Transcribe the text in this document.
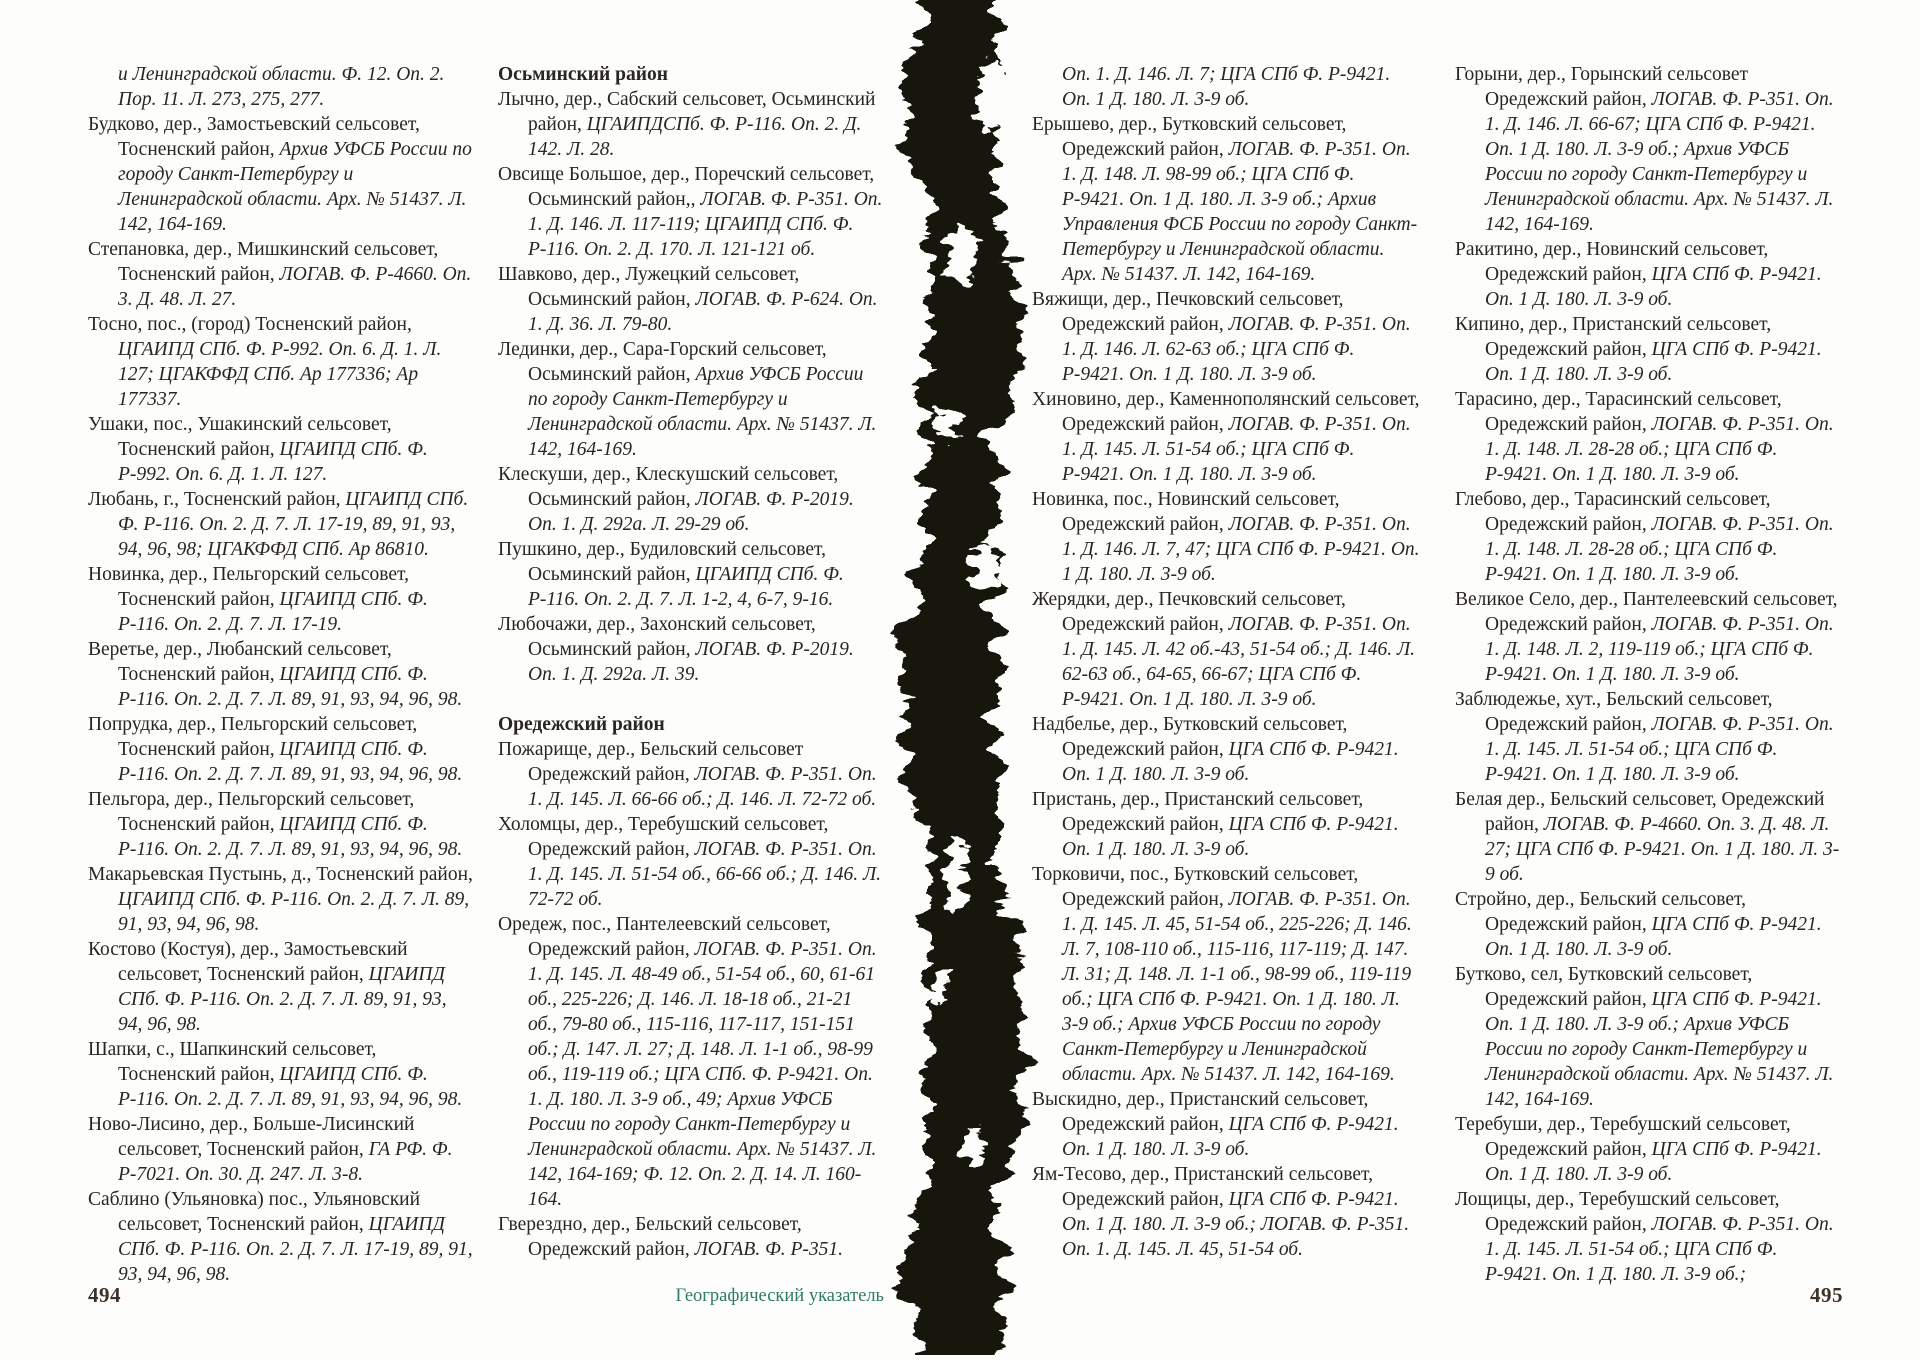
и Ленинградской области. Ф. 12. Оп. 2. Пор. 11. Л. 273, 275, 277.

Будково, дер., Замостьевский сельсовет, Тосненский район, Архив УФСБ России по городу Санкт-Петербургу и Ленинградской области. Арх. № 51437. Л. 142, 164-169.

Степановка, дер., Мишкинский сельсовет, Тосненский район, ЛОГАВ. Ф. Р-4660. Оп. 3. Д. 48. Л. 27.

Тосно, пос., (город) Тосненский район, ЦГАИПД СПб. Ф. Р-992. Оп. 6. Д. 1. Л. 127; ЦГАКФФД СПб. Ар 177336; Ар 177337.

Ушаки, пос., Ушакинский сельсовет, Тосненский район, ЦГАИПД СПб. Ф. Р-992. Оп. 6. Д. 1. Л. 127.

Любань, г., Тосненский район, ЦГАИПД СПб. Ф. Р-116. Оп. 2. Д. 7. Л. 17-19, 89, 91, 93, 94, 96, 98; ЦГАКФФД СПб. Ар 86810.

Новинка, дер., Пельгорский сельсовет, Тосненский район, ЦГАИПД СПб. Ф. Р-116. Оп. 2. Д. 7. Л. 17-19.

Веретье, дер., Любанский сельсовет, Тосненский район, ЦГАИПД СПб. Ф. Р-116. Оп. 2. Д. 7. Л. 89, 91, 93, 94, 96, 98.

Попрудка, дер., Пельгорский сельсовет, Тосненский район, ЦГАИПД СПб. Ф. Р-116. Оп. 2. Д. 7. Л. 89, 91, 93, 94, 96, 98.

Пельгора, дер., Пельгорский сельсовет, Тосненский район, ЦГАИПД СПб. Ф. Р-116. Оп. 2. Д. 7. Л. 89, 91, 93, 94, 96, 98.

Макарьевская Пустынь, д., Тосненский район, ЦГАИПД СПб. Ф. Р-116. Оп. 2. Д. 7. Л. 89, 91, 93, 94, 96, 98.

Костово (Костуя), дер., Замостьевский сельсовет, Тосненский район, ЦГАИПД СПб. Ф. Р-116. Оп. 2. Д. 7. Л. 89, 91, 93, 94, 96, 98.

Шапки, с., Шапкинский сельсовет, Тосненский район, ЦГАИПД СПб. Ф. Р-116. Оп. 2. Д. 7. Л. 89, 91, 93, 94, 96, 98.

Ново-Лисино, дер., Больше-Лисинский сельсовет, Тосненский район, ГА РФ. Ф. Р-7021. Оп. 30. Д. 247. Л. 3-8.

Саблино (Ульяновка) пос., Ульяновский сельсовет, Тосненский район, ЦГАИПД СПб. Ф. Р-116. Оп. 2. Д. 7. Л. 17-19, 89, 91, 93, 94, 96, 98.

Осьминский район

Лычно, дер., Сабский сельсовет, Осьминский район, ЦГАИПДСПб. Ф. Р-116. Оп. 2. Д. 142. Л. 28.

Овсище Большое, дер., Поречский сельсовет, Осьминский район,, ЛОГАВ. Ф. Р-351. Оп. 1. Д. 146. Л. 117-119; ЦГАИПД СПб. Ф. Р-116. Оп. 2. Д. 170. Л. 121-121 об.

Шавково, дер., Лужецкий сельсовет, Осьминский район, ЛОГАВ. Ф. Р-624. Оп. 1. Д. 36. Л. 79-80.

Лединки, дер., Сара-Горский сельсовет, Осьминский район, Архив УФСБ России по городу Санкт-Петербургу и Ленинградской области. Арх. № 51437. Л. 142, 164-169.

Клескуши, дер., Клескушский сельсовет, Осьминский район, ЛОГАВ. Ф. Р-2019. Оп. 1. Д. 292а. Л. 29-29 об.

Пушкино, дер., Будиловский сельсовет, Осьминский район, ЦГАИПД СПб. Ф. Р-116. Оп. 2. Д. 7. Л. 1-2, 4, 6-7, 9-16.

Любочажи, дер., Захонский сельсовет, Осьминский район, ЛОГАВ. Ф. Р-2019. Оп. 1. Д. 292а. Л. 39.

Оредежский район

Пожарище, дер., Бельский сельсовет Оредежский район, ЛОГАВ. Ф. Р-351. Оп. 1. Д. 145. Л. 66-66 об.; Д. 146. Л. 72-72 об.

Холомцы, дер., Теребушский сельсовет, Оредежский район, ЛОГАВ. Ф. Р-351. Оп. 1. Д. 145. Л. 51-54 об., 66-66 об.; Д. 146. Л. 72-72 об.

Оредеж, пос., Пантелеевский сельсовет, Оредежский район, ЛОГАВ. Ф. Р-351. Оп. 1. Д. 145. Л. 48-49 об., 51-54 об., 60, 61-61 об., 225-226; Д. 146. Л. 18-18 об., 21-21 об., 79-80 об., 115-116, 117-117, 151-151 об.; Д. 147. Л. 27; Д. 148. Л. 1-1 об., 98-99 об., 119-119 об.; ЦГА СПб. Ф. Р-9421. Оп. 1. Д. 180. Л. 3-9 об., 49; Архив УФСБ России по городу Санкт-Петербургу и Ленинградской области. Арх. № 51437. Л. 142, 164-169; Ф. 12. Оп. 2. Д. 14. Л. 160-164.

Гверездно, дер., Бельский сельсовет, Оредежский район, ЛОГАВ. Ф. Р-351.

Оп. 1. Д. 146. Л. 7; ЦГА СПб Ф. Р-9421. Оп. 1 Д. 180. Л. 3-9 об.

Ерышево, дер., Бутковский сельсовет, Оредежский район, ЛОГАВ. Ф. Р-351. Оп. 1. Д. 148. Л. 98-99 об.; ЦГА СПб Ф. Р-9421. Оп. 1 Д. 180. Л. 3-9 об.; Архив Управления ФСБ России по городу Санкт-Петербургу и Ленинградской области. Арх. № 51437. Л. 142, 164-169.

Вяжищи, дер., Печковский сельсовет, Оредежский район, ЛОГАВ. Ф. Р-351. Оп. 1. Д. 146. Л. 62-63 об.; ЦГА СПб Ф. Р-9421. Оп. 1 Д. 180. Л. 3-9 об.

Хиновино, дер., Каменнополянский сельсовет, Оредежский район, ЛОГАВ. Ф. Р-351. Оп. 1. Д. 145. Л. 51-54 об.; ЦГА СПб Ф. Р-9421. Оп. 1 Д. 180. Л. 3-9 об.

Новинка, пос., Новинский сельсовет, Оредежский район, ЛОГАВ. Ф. Р-351. Оп. 1. Д. 146. Л. 7, 47; ЦГА СПб Ф. Р-9421. Оп. 1 Д. 180. Л. 3-9 об.

Жерядки, дер., Печковский сельсовет, Оредежский район, ЛОГАВ. Ф. Р-351. Оп. 1. Д. 145. Л. 42 об.-43, 51-54 об.; Д. 146. Л. 62-63 об., 64-65, 66-67; ЦГА СПб Ф. Р-9421. Оп. 1 Д. 180. Л. 3-9 об.

Надбелье, дер., Бутковский сельсовет, Оредежский район, ЦГА СПб Ф. Р-9421. Оп. 1 Д. 180. Л. 3-9 об.

Пристань, дер., Пристанский сельсовет, Оредежский район, ЦГА СПб Ф. Р-9421. Оп. 1 Д. 180. Л. 3-9 об.

Торковичи, пос., Бутковский сельсовет, Оредежский район, ЛОГАВ. Ф. Р-351. Оп. 1. Д. 145. Л. 45, 51-54 об., 225-226; Д. 146. Л. 7, 108-110 об., 115-116, 117-119; Д. 147. Л. 31; Д. 148. Л. 1-1 об., 98-99 об., 119-119 об.; ЦГА СПб Ф. Р-9421. Оп. 1 Д. 180. Л. 3-9 об.; Архив УФСБ России по городу Санкт-Петербургу и Ленинградской области. Арх. № 51437. Л. 142, 164-169.

Выскидно, дер., Пристанский сельсовет, Оредежский район, ЦГА СПб Ф. Р-9421. Оп. 1 Д. 180. Л. 3-9 об.

Ям-Тесово, дер., Пристанский сельсовет, Оредежский район, ЦГА СПб Ф. Р-9421. Оп. 1 Д. 180. Л. 3-9 об.; ЛОГАВ. Ф. Р-351. Оп. 1. Д. 145. Л. 45, 51-54 об.

Горыни, дер., Горынский сельсовет Оредежский район, ЛОГАВ. Ф. Р-351. Оп. 1. Д. 146. Л. 66-67; ЦГА СПб Ф. Р-9421. Оп. 1 Д. 180. Л. 3-9 об.; Архив УФСБ России по городу Санкт-Петербургу и Ленинградской области. Арх. № 51437. Л. 142, 164-169.

Ракитино, дер., Новинский сельсовет, Оредежский район, ЦГА СПб Ф. Р-9421. Оп. 1 Д. 180. Л. 3-9 об.

Кипино, дер., Пристанский сельсовет, Оредежский район, ЦГА СПб Ф. Р-9421. Оп. 1 Д. 180. Л. 3-9 об.

Тарасино, дер., Тарасинский сельсовет, Оредежский район, ЛОГАВ. Ф. Р-351. Оп. 1. Д. 148. Л. 28-28 об.; ЦГА СПб Ф. Р-9421. Оп. 1 Д. 180. Л. 3-9 об.

Глебово, дер., Тарасинский сельсовет, Оредежский район, ЛОГАВ. Ф. Р-351. Оп. 1. Д. 148. Л. 28-28 об.; ЦГА СПб Ф. Р-9421. Оп. 1 Д. 180. Л. 3-9 об.

Великое Село, дер., Пантелеевский сельсовет, Оредежский район, ЛОГАВ. Ф. Р-351. Оп. 1. Д. 148. Л. 2, 119-119 об.; ЦГА СПб Ф. Р-9421. Оп. 1 Д. 180. Л. 3-9 об.

Заблюдежье, хут., Бельский сельсовет, Оредежский район, ЛОГАВ. Ф. Р-351. Оп. 1. Д. 145. Л. 51-54 об.; ЦГА СПб Ф. Р-9421. Оп. 1 Д. 180. Л. 3-9 об.

Белая дер., Бельский сельсовет, Оредежский район, ЛОГАВ. Ф. Р-4660. Оп. 3. Д. 48. Л. 27; ЦГА СПб Ф. Р-9421. Оп. 1 Д. 180. Л. 3-9 об.

Стройно, дер., Бельский сельсовет, Оредежский район, ЦГА СПб Ф. Р-9421. Оп. 1 Д. 180. Л. 3-9 об.

Бутково, сел, Бутковский сельсовет, Оредежский район, ЦГА СПб Ф. Р-9421. Оп. 1 Д. 180. Л. 3-9 об.; Архив УФСБ России по городу Санкт-Петербургу и Ленинградской области. Арх. № 51437. Л. 142, 164-169.

Теребуши, дер., Теребушский сельсовет, Оредежский район, ЦГА СПб Ф. Р-9421. Оп. 1 Д. 180. Л. 3-9 об.

Лощицы, дер., Теребушский сельсовет, Оредежский район, ЛОГАВ. Ф. Р-351. Оп. 1. Д. 145. Л. 51-54 об.; ЦГА СПб Ф. Р-9421. Оп. 1 Д. 180. Л. 3-9 об.;

494	Географический указатель	495
